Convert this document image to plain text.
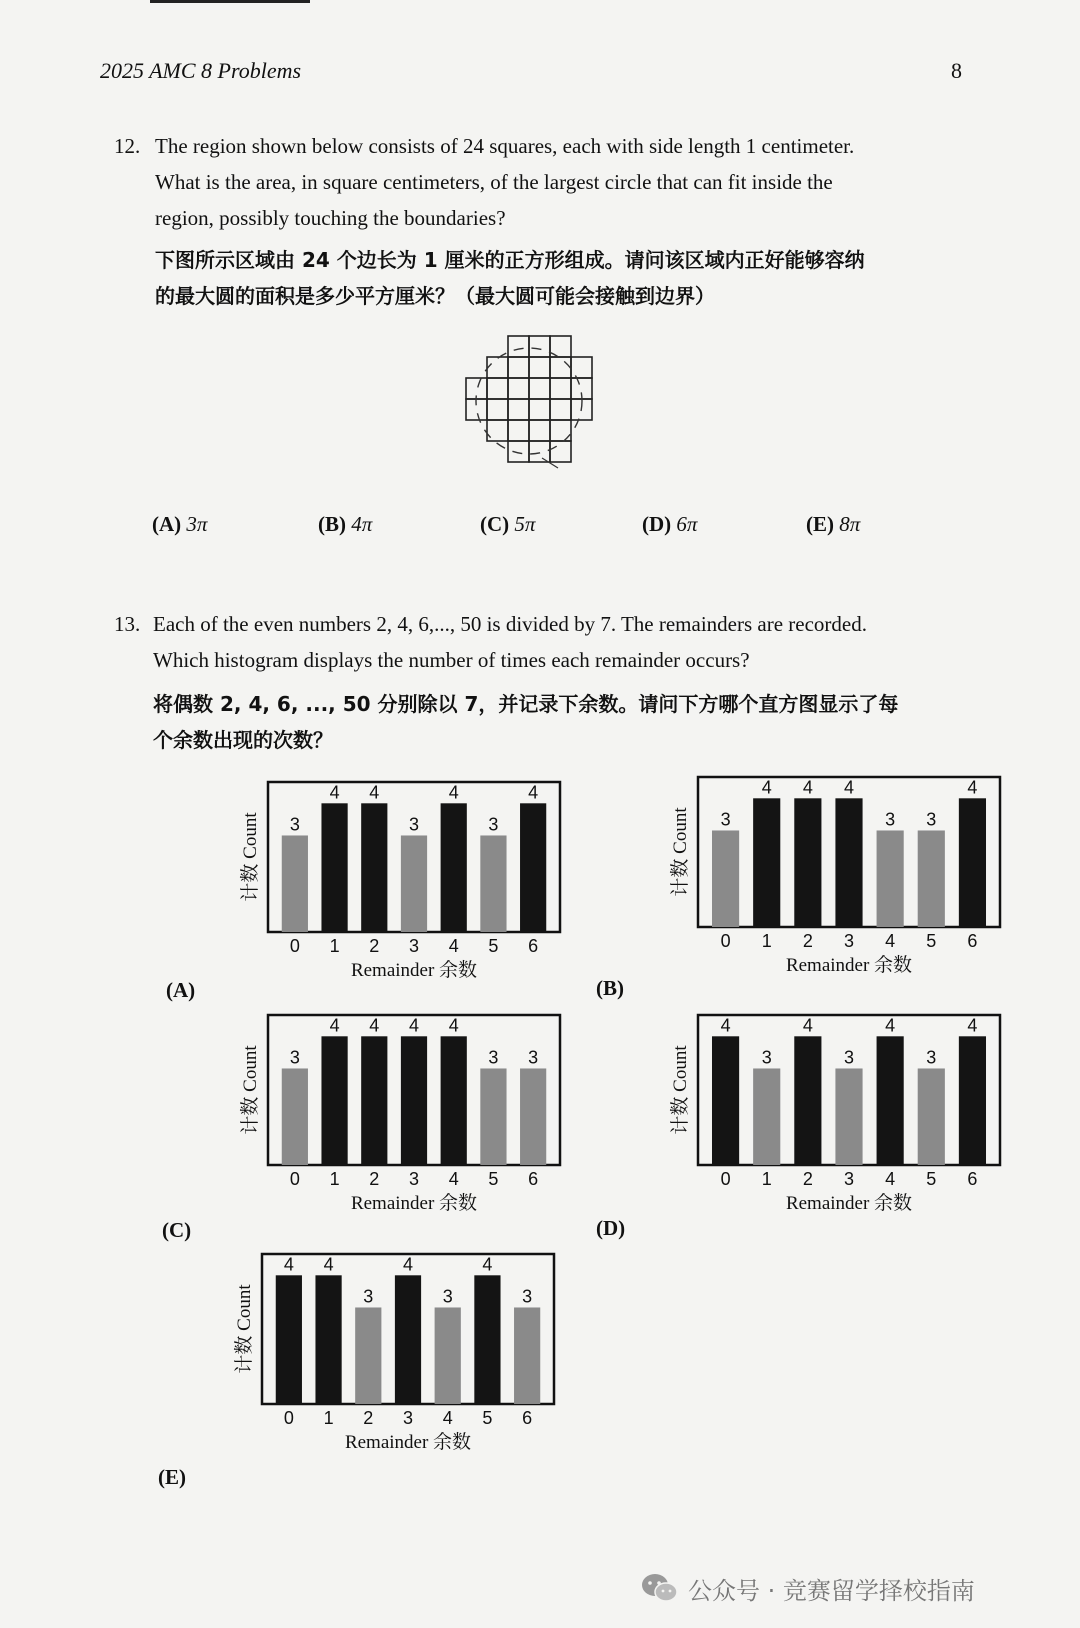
2025 AMC 8 Problems	8
12. The region shown below consists of 24 squares, each with side length 1 centimeter.
What is the area, in square centimeters, of the largest circle that can fit inside the
region, possibly touching the boundaries?
下图所示区域由 24 个边长为 1 厘米的正方形组成。请问该区域内正好能够容纳
的最大圆的面积是多少平方厘米？（最大圆可能会接触到边界）
(A) 3π	(B) 4π	(C) 5π	(D) 6π	(E) 8π
13. Each of the even numbers 2, 4, 6,..., 50 is divided by 7. The remainders are recorded.
Which histogram displays the number of times each remainder occurs?
将偶数 2, 4, 6, ..., 50 分别除以 7，并记录下余数。请问下方哪个直方图显示了每
个余数出现的次数？
3
0
4
1
4
2
3
3
4
4
3
5
4
6
Remainder 余数
计数 Count
(A)
3
0
4
1
4
2
4
3
3
4
3
5
4
6
Remainder 余数
计数 Count
(B)
3
0
4
1
4
2
4
3
4
4
3
5
3
6
Remainder 余数
计数 Count
(C)
4
0
3
1
4
2
3
3
4
4
3
5
4
6
Remainder 余数
计数 Count
(D)
4
0
4
1
3
2
4
3
3
4
4
5
3
6
Remainder 余数
计数 Count
(E)
公众号 · 竞赛留学择校指南
